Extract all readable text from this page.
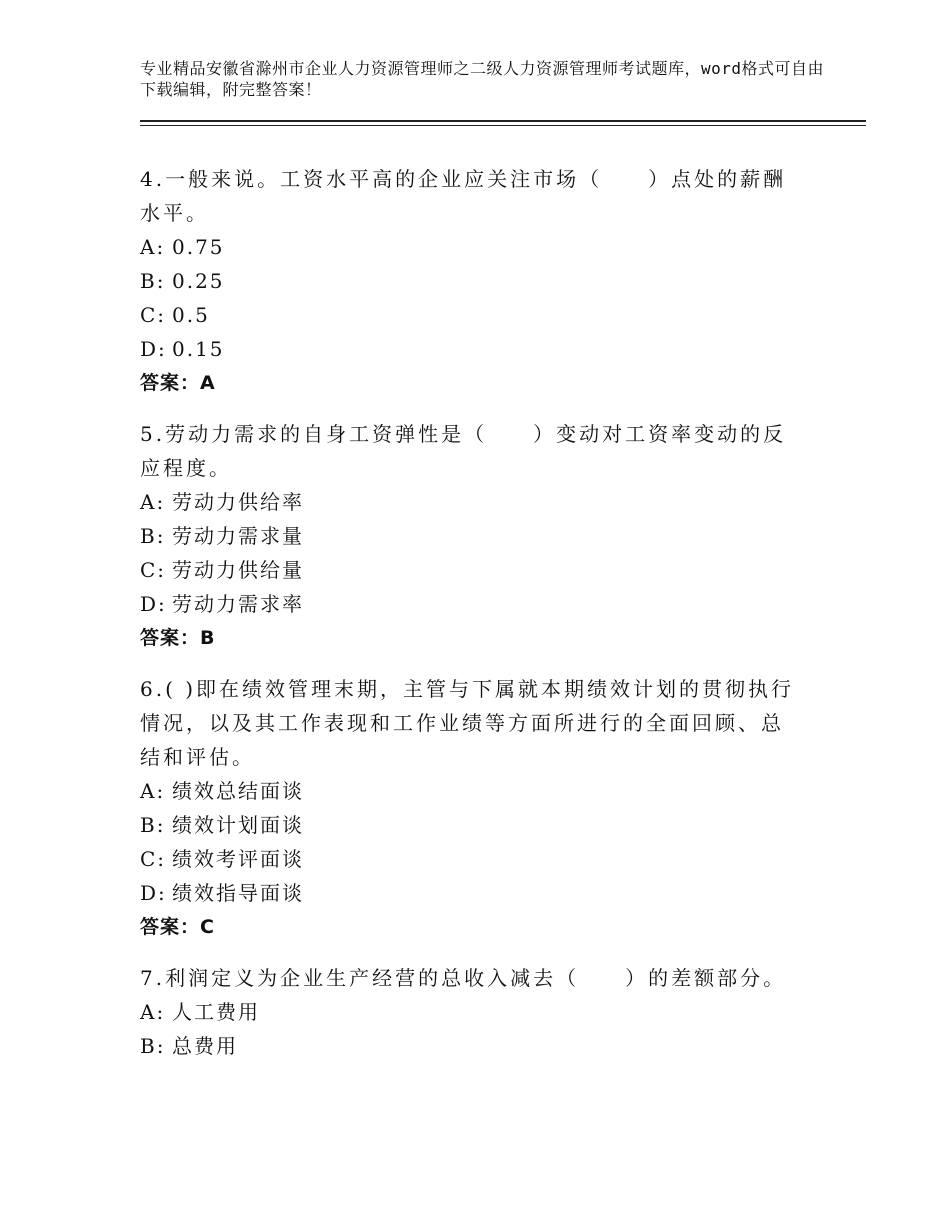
专业精品安徽省滁州市企业人力资源管理师之二级人力资源管理师考试题库，word格式可自由下载编辑，附完整答案！
4.一般来说。工资水平高的企业应关注市场（　　）点处的薪酬水平。
A: 0.75
B: 0.25
C: 0.5
D: 0.15
答案：A
5.劳动力需求的自身工资弹性是（　　）变动对工资率变动的反应程度。
A: 劳动力供给率
B: 劳动力需求量
C: 劳动力供给量
D: 劳动力需求率
答案：B
6.( )即在绩效管理末期，主管与下属就本期绩效计划的贯彻执行情况，以及其工作表现和工作业绩等方面所进行的全面回顾、总结和评估。
A: 绩效总结面谈
B: 绩效计划面谈
C: 绩效考评面谈
D: 绩效指导面谈
答案：C
7.利润定义为企业生产经营的总收入减去（　　）的差额部分。
A: 人工费用
B: 总费用
